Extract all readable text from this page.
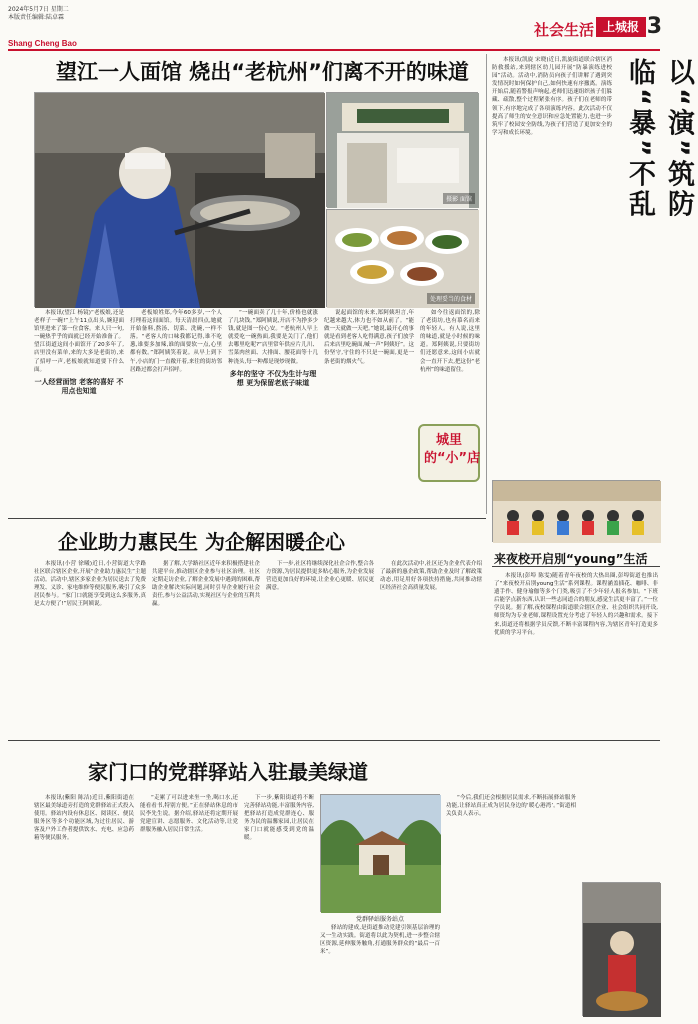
2024年5月7日 星期二
本版责任编辑:陆卓霖
Shang Cheng Bao
社会生活 上城报 3
望江一人面馆 烧出“老杭州”们离不开的味道
摄影 面馆
处理妥当的食材

本报讯(望江 杨镜)“老板娘,还是老样子一碗!”上午11点出头,婉迎面馆里进来了第一位食客。来人只一句,一碗热乎乎的面就已经开始准备了。望江街道这间小面馆开了20多年了,店里没有菜单,来的大多是老街坊,来了招呼一声,老板娘就知道要下什么面。

一人经营面馆 老客的喜好 不用点也知道

老板娘姓郑,今年60多岁,一个人打理着这间面馆。每天清晨四点,她就开始备料,熬汤、切菜、洗碗,一样不落。“老客人的口味我都记得,谁不吃葱,谁要多加辣,谁的面要软一点,心里都有数。”郑阿姨笑着说。从早上到下午,小店的门一直敞开着,来往的街坊邻居路过都会打声招呼。

“一碗面卖了几十年,价格也就涨了几块钱。”郑阿姨说,开店不为挣多少钱,就是图一份心安。“老杭州人早上就爱吃一碗热面,我要是关门了,他们去哪里吃呢?”店里常年供应片儿川、雪菜肉丝面、大排面、腰花面等十几种浇头,每一种都是现炒现做。

多年的坚守 不仅为生计与理想 更为保留老底子味道

说起面馆的未来,郑阿姨坦言,年纪越来越大,体力也不如从前了。“能做一天就做一天吧。”她说,最开心的事就是看到老客人吃得满意,孩子们放学后来店里吃碗面,喊一声“阿姨好”。这份坚守,守住的不只是一碗面,更是一条老街的烟火气。

如今往返面馆的,除了老街坊,也有慕名而来的年轻人。有人说,这里的味道,就是小时候的味道。郑阿姨说,只要街坊们还愿意来,这间小店就会一直开下去,把这份“老杭州”的味道留住。

城里的“小”店

本报讯(凯旋 宋晓)近日,凯旋街道联合辖区消防救援站,来到辖区幼儿园开展“防暴演练进校园”活动。活动中,消防员向孩子们讲解了遇到突发情况时如何保护自己,如何快速有序撤离。演练开始后,随着警报声响起,老师们迅速组织孩子们躲藏、疏散,整个过程紧张有序。孩子们在老师的带领下,有序地完成了各项演练内容。此次活动不仅提高了师生的安全意识和应急处置能力,也进一步筑牢了校园安全防线,为孩子们营造了更加安全的学习和成长环境。	以“演”筑防 临“暴”不乱
企业助力惠民生 为企解困暖企心

本报讯(小营 徐曦)近日,小营街道大学路社区联合辖区企业,开展“企业助力惠民生”主题活动。活动中,辖区多家企业为居民送去了免费理发、义诊、家电维修等便民服务,吸引了众多居民参与。“家门口就能享受到这么多服务,真是太方便了!”居民王阿姨说。

据了解,大学路社区近年来积极搭建社企共建平台,推动辖区企业参与社区治理。社区定期走访企业,了解企业发展中遇到的困难,帮助企业解决实际问题,同时引导企业履行社会责任,参与公益活动,实现社区与企业的互利共赢。

下一步,社区将继续深化社企合作,整合各方资源,为居民提供更多贴心服务,为企业发展营造更加良好的环境,让企业心更暖、居民更满意。

在此次活动中,社区还为企业代表介绍了最新的惠企政策,帮助企业及时了解政策动态,用足用好各项扶持措施,共同推动辖区经济社会高质量发展。

来夜校开启別“young”生活

本报讯(彭埠 陈雯)随着青年夜校的大热出圈,彭埠街道也推出了“来夜校开启別young生活”系列课程。课程涵盖插花、咖啡、非遗手作、健身瑜伽等多个门类,吸引了不少年轻人报名参加。“下班后能学点新东西,认识一些志同道合的朋友,感觉生活更丰富了。”一位学员说。据了解,夜校课程由街道联合辖区企业、社会组织共同开设,师资均为专业老师,课程设置充分考虑了年轻人的兴趣和需求。接下来,街道还将根据学员反馈,不断丰富课程内容,为辖区青年打造更多优质的学习平台。

家门口的党群驿站入驻最美绿道

本报讯(紫阳 陈洁)近日,紫阳街道在辖区最美绿道旁打造的党群驿站正式投入使用。驿站内设有休息区、阅读区、便民服务区等多个功能区域,为过往居民、游客及户外工作者提供饮水、充电、应急药箱等便民服务。

“走累了可以进来坐一坐,喝口水,还能看看书,特别方便。”正在驿站休息的市民李先生说。据介绍,驿站还将定期开展党建宣讲、志愿服务、文化活动等,让党群服务融入居民日常生活。

下一步,紫阳街道将不断完善驿站功能,丰富服务内容,把驿站打造成党群连心、服务为民的温馨家园,让居民在家门口就能感受到党的温暖。

党群驿站服务站点

驿站的建成,是街道推动党建引领基层治理的又一生动实践。街道将以此为契机,进一步整合辖区资源,延伸服务触角,打通服务群众的“最后一百米”。

“今后,我们还会根据居民需求,不断拓展驿站服务功能,让驿站真正成为居民身边的‘暖心港湾’。”街道相关负责人表示。
